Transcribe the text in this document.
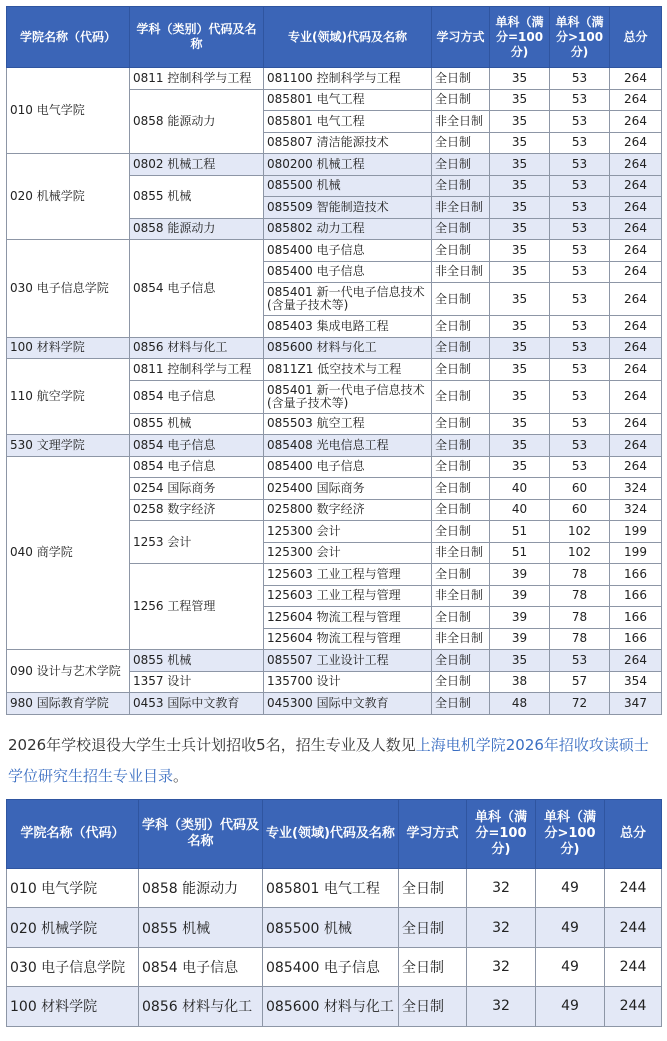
学院名称（代码）	学科（类别）代码及名称	专业(领域)代码及名称	学习方式	单科（满分=100 分)	单科（满分>100 分)	总分
010 电气学院	0811 控制科学与工程	081100 控制科学与工程	全日制	35	53	264
	0858 能源动力	085801 电气工程	全日制	35	53	264
		085801 电气工程	非全日制	35	53	264
		085807 清洁能源技术	全日制	35	53	264
020 机械学院	0802 机械工程	080200 机械工程	全日制	35	53	264
	0855 机械	085500 机械	全日制	35	53	264
		085509 智能制造技术	非全日制	35	53	264
	0858 能源动力	085802 动力工程	全日制	35	53	264
030 电子信息学院	0854 电子信息	085400 电子信息	全日制	35	53	264
		085400 电子信息	非全日制	35	53	264
		085401 新一代电子信息技术(含量子技术等)	全日制	35	53	264
		085403 集成电路工程	全日制	35	53	264
100 材料学院	0856 材料与化工	085600 材料与化工	全日制	35	53	264
110 航空学院	0811 控制科学与工程	0811Z1 低空技术与工程	全日制	35	53	264
	0854 电子信息	085401 新一代电子信息技术(含量子技术等)	全日制	35	53	264
	0855 机械	085503 航空工程	全日制	35	53	264
530 文理学院	0854 电子信息	085408 光电信息工程	全日制	35	53	264
040 商学院	0854 电子信息	085400 电子信息	全日制	35	53	264
	0254 国际商务	025400 国际商务	全日制	40	60	324
	0258 数字经济	025800 数字经济	全日制	40	60	324
	1253 会计	125300 会计	全日制	51	102	199
		125300 会计	非全日制	51	102	199
	1256 工程管理	125603 工业工程与管理	全日制	39	78	166
		125603 工业工程与管理	非全日制	39	78	166
		125604 物流工程与管理	全日制	39	78	166
		125604 物流工程与管理	非全日制	39	78	166
090 设计与艺术学院	0855 机械	085507 工业设计工程	全日制	35	53	264
	1357 设计	135700 设计	全日制	38	57	354
980 国际教育学院	0453 国际中文教育	045300 国际中文教育	全日制	48	72	347
2026年学校退役大学生士兵计划招收5名，招生专业及人数见上海电机学院2026年招收攻读硕士学位研究生招生专业目录。
学院名称（代码）	学科（类别）代码及名称	专业(领域)代码及名称	学习方式	单科（满分=100 分)	单科（满分>100 分)	总分
010 电气学院	0858 能源动力	085801 电气工程	全日制	32	49	244
020 机械学院	0855 机械	085500 机械	全日制	32	49	244
030 电子信息学院	0854 电子信息	085400 电子信息	全日制	32	49	244
100 材料学院	0856 材料与化工	085600 材料与化工	全日制	32	49	244
